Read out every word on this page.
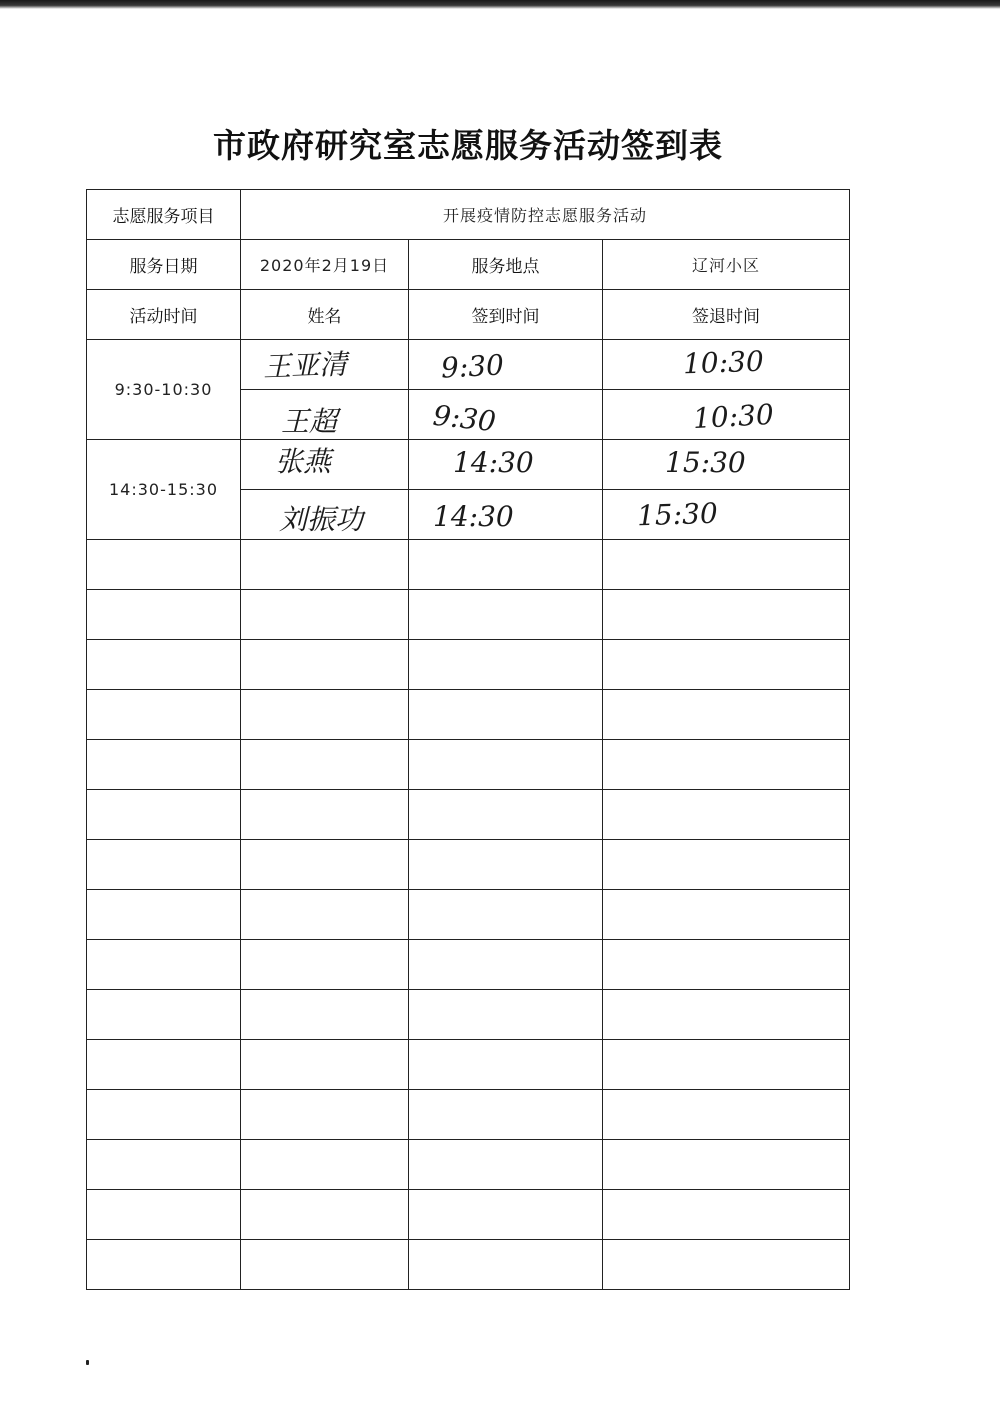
市政府研究室志愿服务活动签到表
志愿服务项目	开展疫情防控志愿服务活动		
服务日期	2020年2月19日	服务地点	辽河小区
活动时间	姓名	签到时间	签退时间
9:30-10:30	王亚清	9:30	10:30

	王超	9:30	10:30

14:30-15:30	张燕	14:30	15:30

	刘振功	14:30	15:30
